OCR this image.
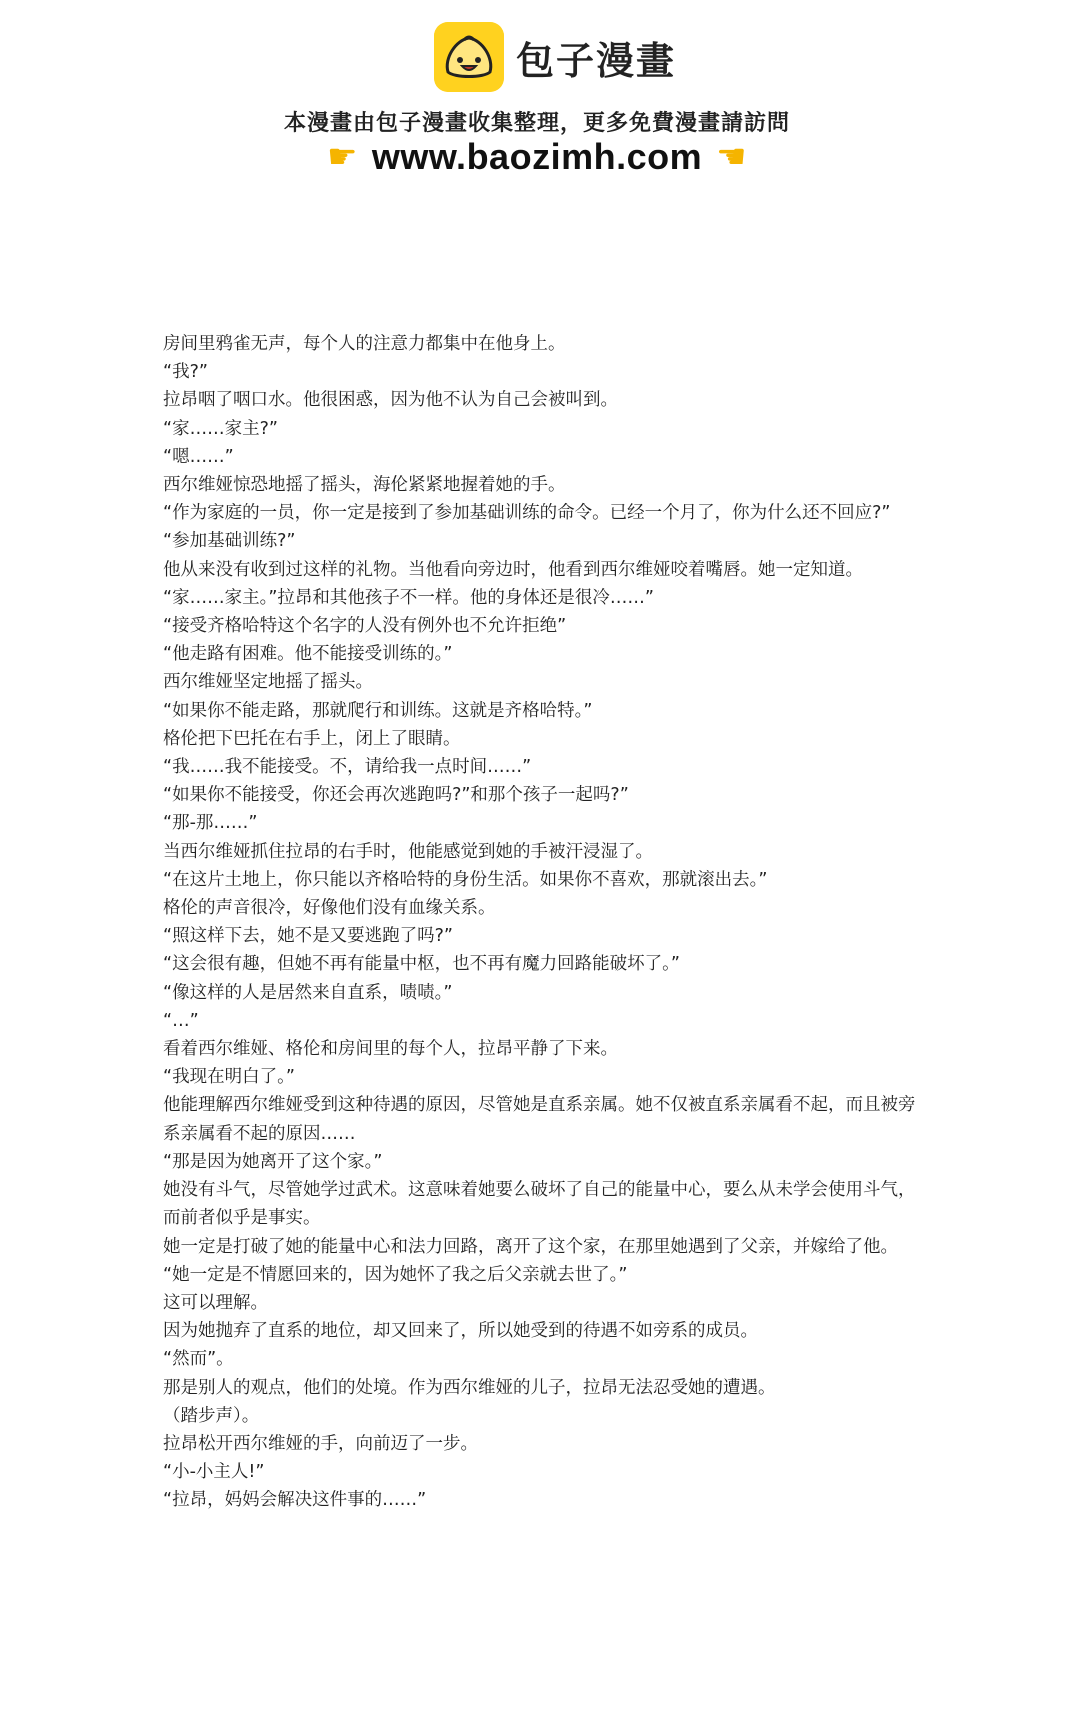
包子漫畫
本漫畫由包子漫畫收集整理，更多免費漫畫請訪問
☚ www.baozimh.com ☚

房间里鸦雀无声，每个人的注意力都集中在他身上。

“我?”

拉昂咽了咽口水。他很困惑，因为他不认为自己会被叫到。

“家……家主?”

“嗯……”

西尔维娅惊恐地摇了摇头，海伦紧紧地握着她的手。

“作为家庭的一员，你一定是接到了参加基础训练的命令。已经一个月了，你为什么还不回应?”

“参加基础训练?”

他从来没有收到过这样的礼物。当他看向旁边时，他看到西尔维娅咬着嘴唇。她一定知道。

“家……家主。”拉昂和其他孩子不一样。他的身体还是很冷……”

“接受齐格哈特这个名字的人没有例外也不允许拒绝”

“他走路有困难。他不能接受训练的。”

西尔维娅坚定地摇了摇头。

“如果你不能走路，那就爬行和训练。这就是齐格哈特。”

格伦把下巴托在右手上，闭上了眼睛。

“我……我不能接受。不，请给我一点时间……”

“如果你不能接受，你还会再次逃跑吗?”和那个孩子一起吗?”

“那-那……”

当西尔维娅抓住拉昂的右手时，他能感觉到她的手被汗浸湿了。

“在这片土地上，你只能以齐格哈特的身份生活。如果你不喜欢，那就滚出去。”

格伦的声音很冷，好像他们没有血缘关系。

“照这样下去，她不是又要逃跑了吗?”

“这会很有趣，但她不再有能量中枢，也不再有魔力回路能破坏了。”

“像这样的人是居然来自直系，啧啧。”

“…”

看着西尔维娅、格伦和房间里的每个人，拉昂平静了下来。

“我现在明白了。”

他能理解西尔维娅受到这种待遇的原因，尽管她是直系亲属。她不仅被直系亲属看不起，而且被旁系亲属看不起的原因……

“那是因为她离开了这个家。”

她没有斗气，尽管她学过武术。这意味着她要么破坏了自己的能量中心，要么从未学会使用斗气，而前者似乎是事实。

她一定是打破了她的能量中心和法力回路，离开了这个家，在那里她遇到了父亲，并嫁给了他。

“她一定是不情愿回来的，因为她怀了我之后父亲就去世了。”

这可以理解。

因为她抛弃了直系的地位，却又回来了，所以她受到的待遇不如旁系的成员。

“然而”。

那是别人的观点，他们的处境。作为西尔维娅的儿子，拉昂无法忍受她的遭遇。

（踏步声）。

拉昂松开西尔维娅的手，向前迈了一步。

“小-小主人!”

“拉昂，妈妈会解决这件事的……”
